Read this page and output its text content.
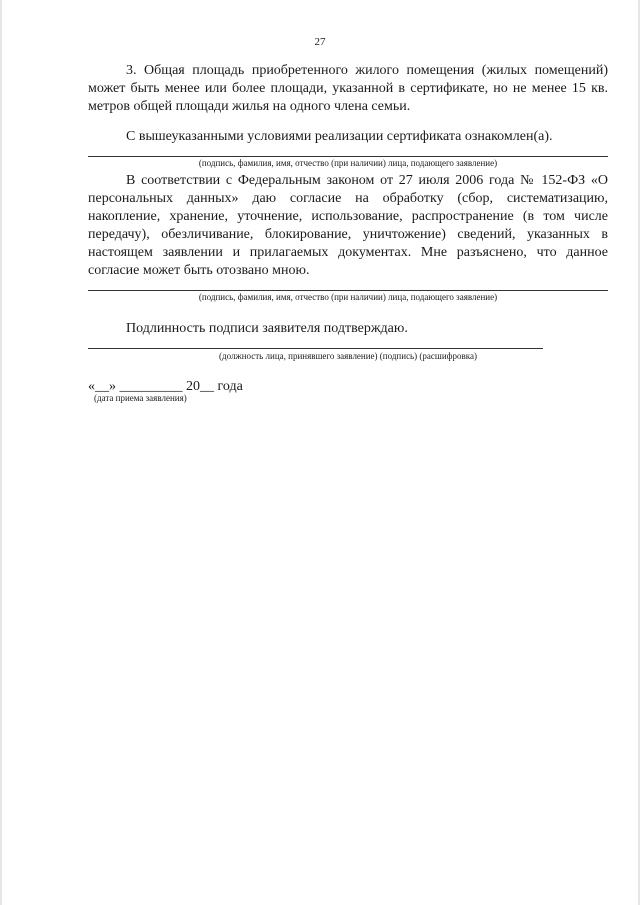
27
3. Общая площадь приобретенного жилого помещения (жилых помещений) может быть менее или более площади, указанной в сертификате, но не менее 15 кв. метров общей площади жилья на одного члена семьи.
С вышеуказанными условиями реализации сертификата ознакомлен(а).
(подпись, фамилия, имя, отчество (при наличии) лица, подающего заявление)
В соответствии с Федеральным законом от 27 июля 2006 года № 152-ФЗ «О персональных данных» даю согласие на обработку (сбор, систематизацию, накопление, хранение, уточнение, использование, распространение (в том числе передачу), обезличивание, блокирование, уничтожение) сведений, указанных в настоящем заявлении и прилагаемых документах. Мне разъяснено, что данное согласие может быть отозвано мною.
(подпись, фамилия, имя, отчество (при наличии) лица, подающего заявление)
Подлинность подписи заявителя подтверждаю.
(должность лица, принявшего заявление) (подпись) (расшифровка)
«__» _________ 20__ года
(дата приема заявления)
